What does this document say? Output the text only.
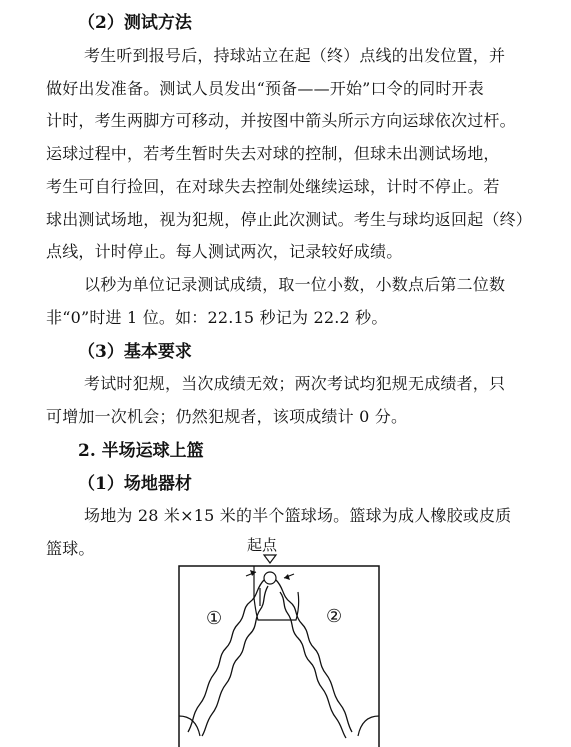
（2）测试方法
考生听到报号后，持球站立在起（终）点线的出发位置，并
做好出发准备。测试人员发出“预备——开始”口令的同时开表
计时，考生两脚方可移动，并按图中箭头所示方向运球依次过杆。
运球过程中，若考生暂时失去对球的控制，但球未出测试场地，
考生可自行捡回，在对球失去控制处继续运球，计时不停止。若
球出测试场地，视为犯规，停止此次测试。考生与球均返回起（终）
点线，计时停止。每人测试两次，记录较好成绩。
以秒为单位记录测试成绩，取一位小数，小数点后第二位数
非“0”时进 1 位。如：22.15 秒记为 22.2 秒。
（3）基本要求
考试时犯规，当次成绩无效；两次考试均犯规无成绩者，只
可增加一次机会；仍然犯规者，该项成绩计 0 分。
2. 半场运球上篮
（1）场地器材
场地为 28 米×15 米的半个篮球场。篮球为成人橡胶或皮质
篮球。	起点
①	②
